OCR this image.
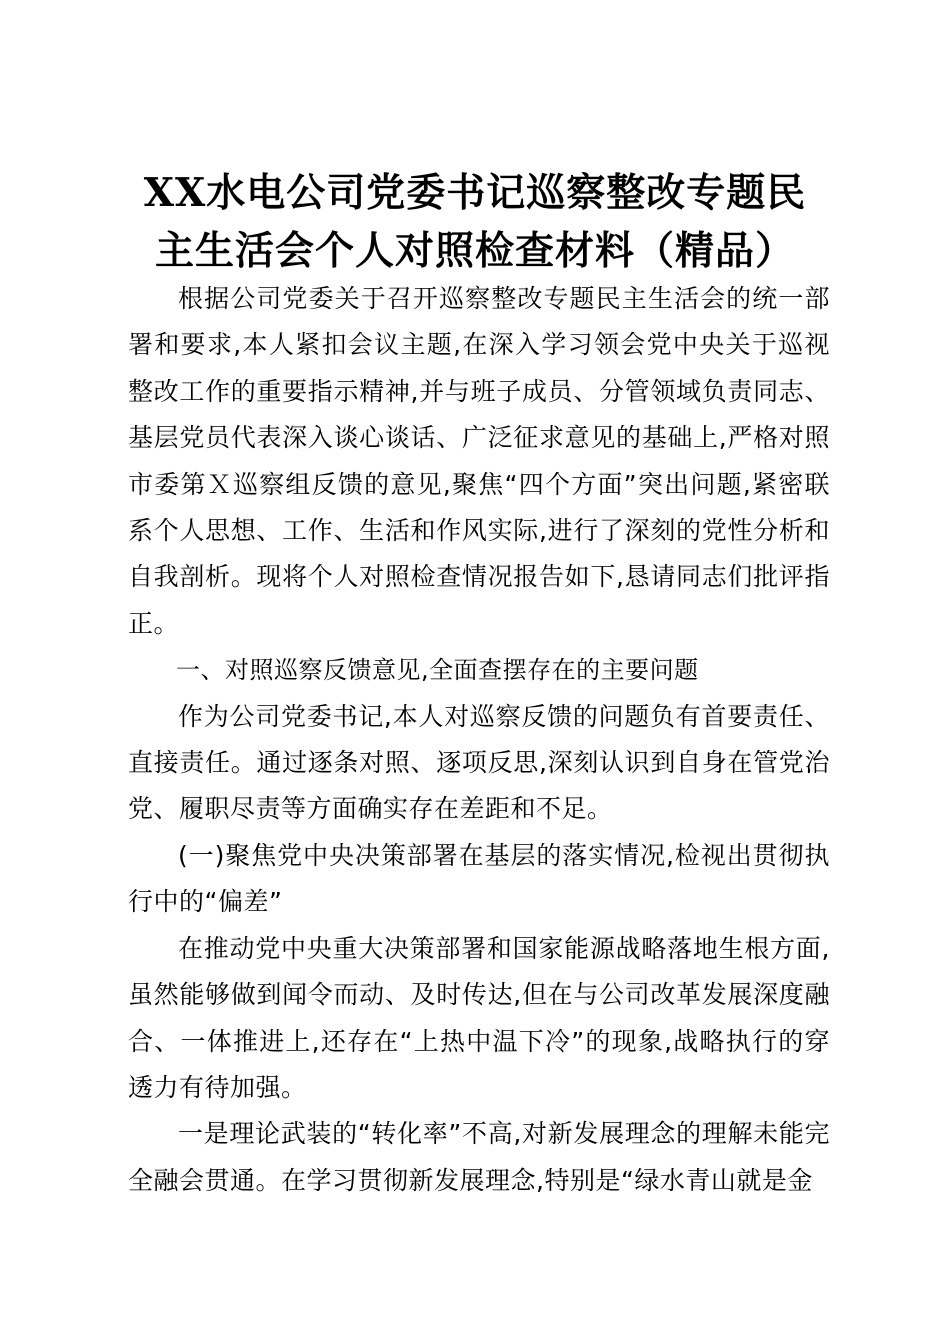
XX水电公司党委书记巡察整改专题民
主生活会个人对照检查材料（精品）

根据公司党委关于召开巡察整改专题民主生活会的统一部署和要求,本人紧扣会议主题,在深入学习领会党中央关于巡视整改工作的重要指示精神,并与班子成员、分管领域负责同志、基层党员代表深入谈心谈话、广泛征求意见的基础上,严格对照市委第Ｘ巡察组反馈的意见,聚焦“四个方面”突出问题,紧密联系个人思想、工作、生活和作风实际,进行了深刻的党性分析和自我剖析。现将个人对照检查情况报告如下,恳请同志们批评指正。

一、对照巡察反馈意见,全面查摆存在的主要问题

作为公司党委书记,本人对巡察反馈的问题负有首要责任、直接责任。通过逐条对照、逐项反思,深刻认识到自身在管党治党、履职尽责等方面确实存在差距和不足。

(一)聚焦党中央决策部署在基层的落实情况,检视出贯彻执行中的“偏差”

在推动党中央重大决策部署和国家能源战略落地生根方面,虽然能够做到闻令而动、及时传达,但在与公司改革发展深度融合、一体推进上,还存在“上热中温下冷”的现象,战略执行的穿透力有待加强。

一是理论武装的“转化率”不高,对新发展理念的理解未能完全融会贯通。在学习贯彻新发展理念,特别是“绿水青山就是金
